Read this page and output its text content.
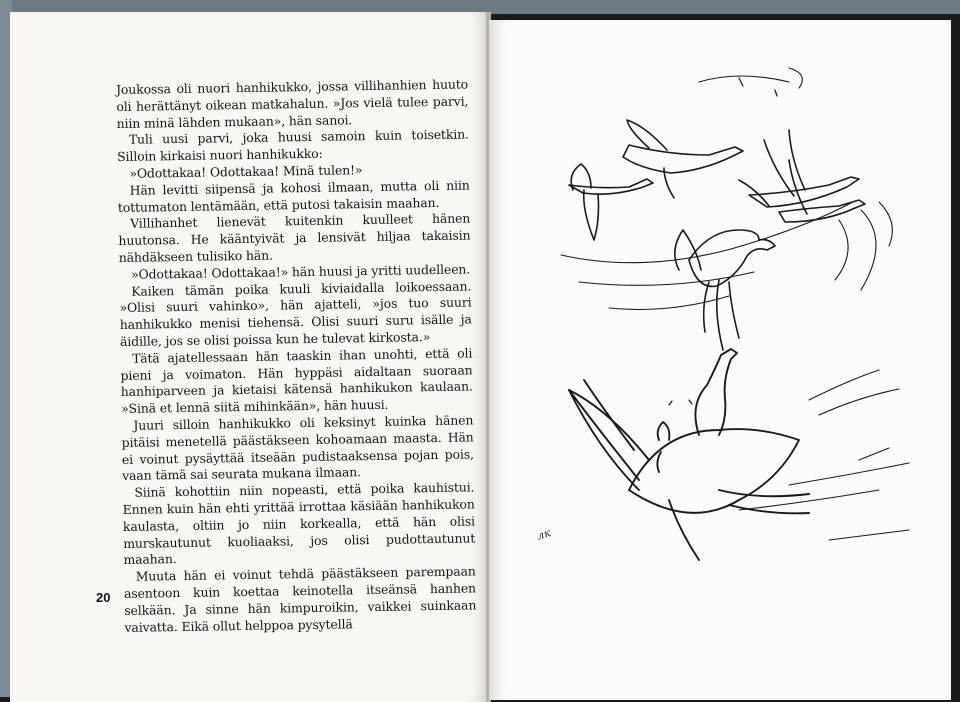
Joukossa oli nuori hanhikukko, jossa villihanhien huuto oli herättänyt oikean matkahalun. »Jos vielä tulee parvi, niin minä lähden mukaan», hän sanoi.

Tuli uusi parvi, joka huusi samoin kuin toisetkin. Silloin kirkaisi nuori hanhikukko:

»Odottakaa! Odottakaa! Minä tulen!»

Hän levitti siipensä ja kohosi ilmaan, mutta oli niin tottumaton lentämään, että putosi takaisin maahan.

Villihanhet lienevät kuitenkin kuulleet hänen huutonsa. He kääntyivät ja lensivät hiljaa takaisin nähdäkseen tulisiko hän.

»Odottakaa! Odottakaa!» hän huusi ja yritti uudelleen.

Kaiken tämän poika kuuli kiviaidalla loikoessaan. »Olisi suuri vahinko», hän ajatteli, »jos tuo suuri hanhikukko menisi tiehensä. Olisi suuri suru isälle ja äidille, jos se olisi poissa kun he tulevat kirkosta.»

Tätä ajatellessaan hän taaskin ihan unohti, että oli pieni ja voimaton. Hän hyppäsi aidaltaan suoraan hanhiparveen ja kietaisi kätensä hanhikukon kaulaan. »Sinä et lennä siitä mihinkään», hän huusi.

Juuri silloin hanhikukko oli keksinyt kuinka hänen pitäisi menetellä päästäkseen kohoamaan maasta. Hän ei voinut pysäyttää itseään pudistaaksensa pojan pois, vaan tämä sai seurata mukana ilmaan.

Siinä kohottiin niin nopeasti, että poika kauhistui. Ennen kuin hän ehti yrittää irrottaa käsiään hanhikukon kaulasta, oltiin jo niin korkealla, että hän olisi murskautunut kuoliaaksi, jos olisi pudottautunut maahan.

Muuta hän ei voinut tehdä päästäkseen parempaan asentoon kuin koettaa keinotella itseänsä hanhen selkään. Ja sinne hän kimpuroikin, vaikkei suinkaan vaivatta. Eikä ollut helppoa pysytellä

20
лк
